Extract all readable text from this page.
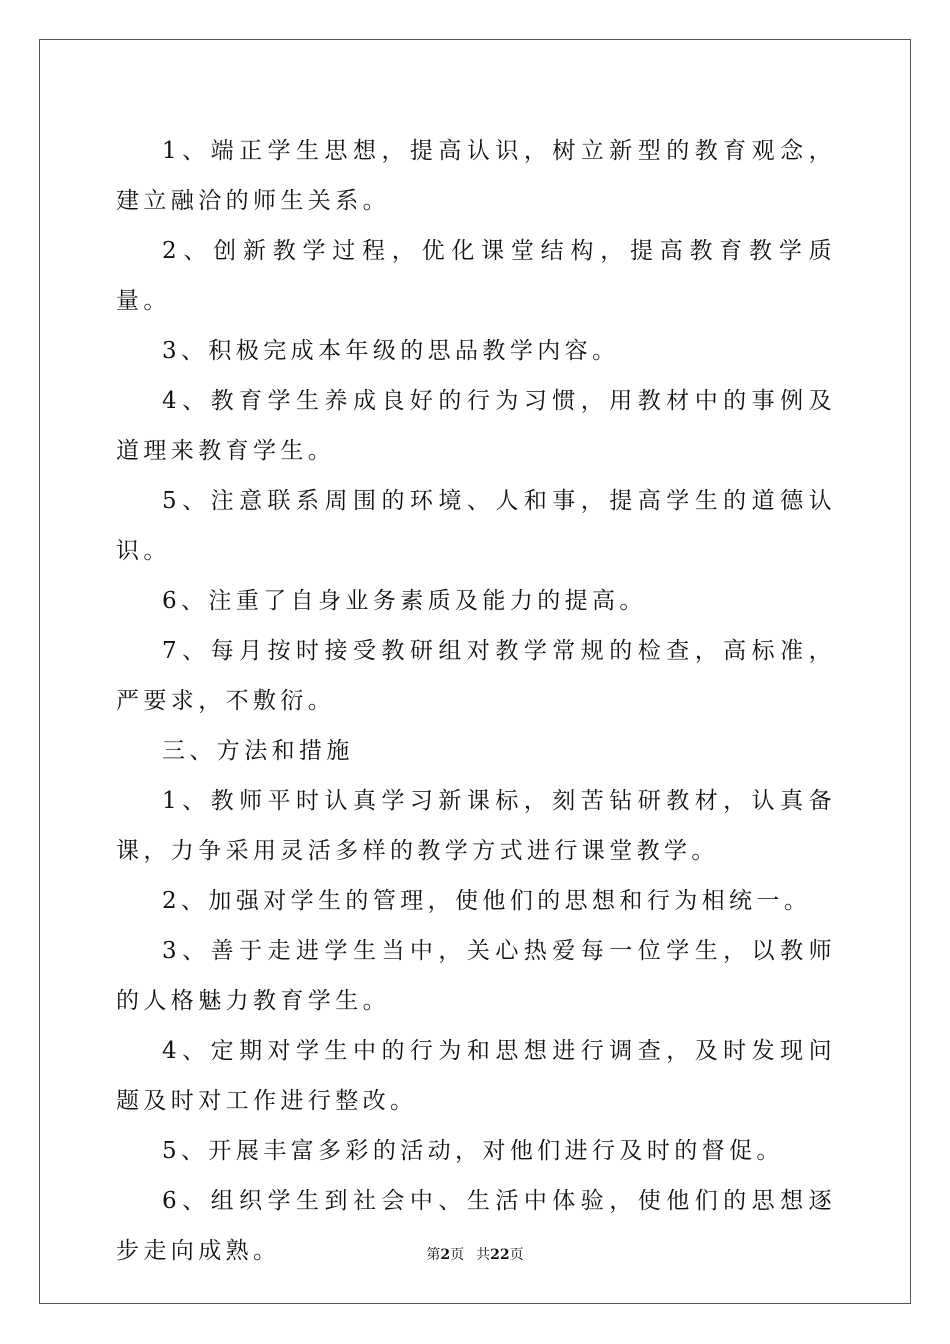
1、端正学生思想，提高认识，树立新型的教育观念，建立融洽的师生关系。

2、创新教学过程，优化课堂结构，提高教育教学质量。

3、积极完成本年级的思品教学内容。

4、教育学生养成良好的行为习惯，用教材中的事例及道理来教育学生。

5、注意联系周围的环境、人和事，提高学生的道德认识。

6、注重了自身业务素质及能力的提高。

7、每月按时接受教研组对教学常规的检查，高标准，严要求，不敷衍。

三、方法和措施

1、教师平时认真学习新课标，刻苦钻研教材，认真备课，力争采用灵活多样的教学方式进行课堂教学。

2、加强对学生的管理，使他们的思想和行为相统一。

3、善于走进学生当中，关心热爱每一位学生，以教师的人格魅力教育学生。

4、定期对学生中的行为和思想进行调查，及时发现问题及时对工作进行整改。

5、开展丰富多彩的活动，对他们进行及时的督促。

6、组织学生到社会中、生活中体验，使他们的思想逐步走向成熟。	第2页 共22页
